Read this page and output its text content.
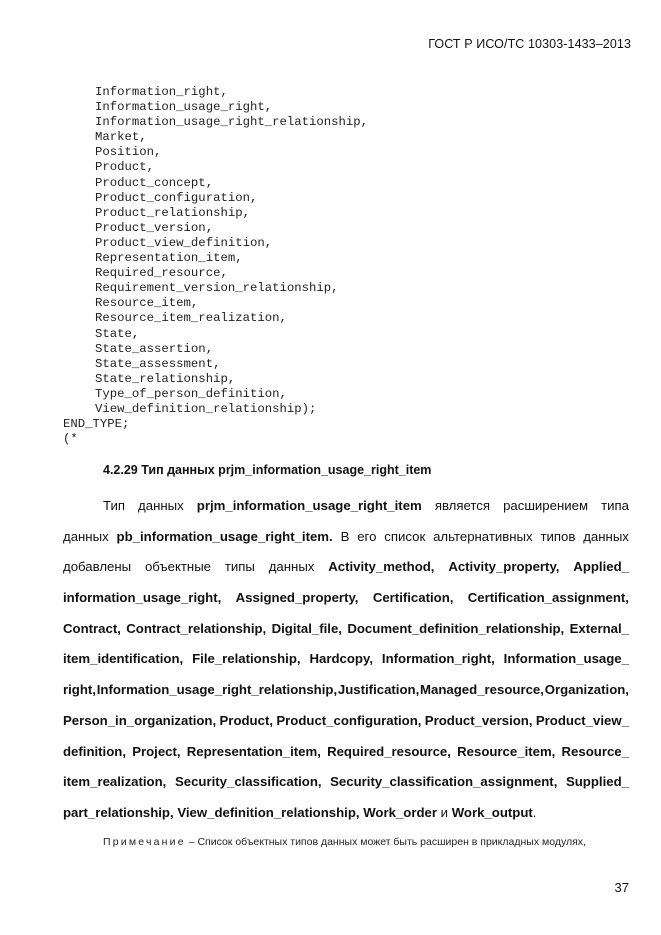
ГОСТ Р ИСО/ТС 10303-1433–2013
Information_right,
Information_usage_right,
Information_usage_right_relationship,
Market,
Position,
Product,
Product_concept,
Product_configuration,
Product_relationship,
Product_version,
Product_view_definition,
Representation_item,
Required_resource,
Requirement_version_relationship,
Resource_item,
Resource_item_realization,
State,
State_assertion,
State_assessment,
State_relationship,
Type_of_person_definition,
View_definition_relationship);
END_TYPE;
(*
4.2.29 Тип данных prjm_information_usage_right_item
Тип данных prjm_information_usage_right_item является расширением типа
данных pb_information_usage_right_item. В его список альтернативных типов данных
добавлены объектные типы данных Activity_method, Activity_property, Applied_
information_usage_right, Assigned_property, Certification, Certification_assignment,
Contract, Contract_relationship, Digital_file, Document_definition_relationship, External_
item_identification, File_relationship, Hardcopy, Information_right, Information_usage_
right, Information_usage_right_relationship, Justification, Managed_resource, Organization,
Person_in_organization, Product, Product_configuration, Product_version, Product_view_
definition, Project, Representation_item, Required_resource, Resource_item, Resource_
item_realization, Security_classification, Security_classification_assignment, Supplied_
part_relationship, View_definition_relationship, Work_order и Work_output .
Примечание – Список объектных типов данных может быть расширен в прикладных модулях,
37
